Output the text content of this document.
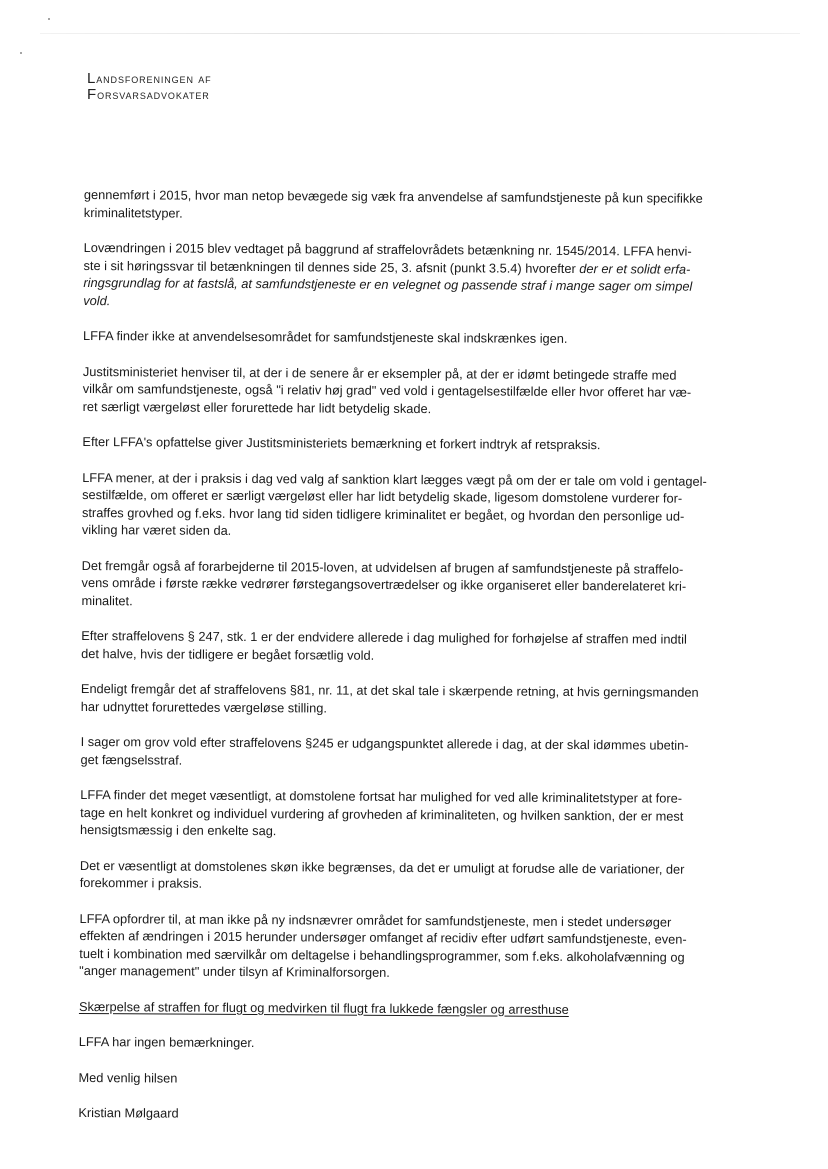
Landsforeningen af
Forsvarsadvokater

gennemført i 2015, hvor man netop bevægede sig væk fra anvendelse af samfundstjeneste på kun specifikke
kriminalitetstyper.

Lovændringen i 2015 blev vedtaget på baggrund af straffelovrådets betænkning nr. 1545/2014. LFFA henvi-
ste i sit høringssvar til betænkningen til dennes side 25, 3. afsnit (punkt 3.5.4) hvorefter der er et solidt erfa-
ringsgrundlag for at fastslå, at samfundstjeneste er en velegnet og passende straf i mange sager om simpel
vold.

LFFA finder ikke at anvendelsesområdet for samfundstjeneste skal indskrænkes igen.

Justitsministeriet henviser til, at der i de senere år er eksempler på, at der er idømt betingede straffe med
vilkår om samfundstjeneste, også "i relativ høj grad" ved vold i gentagelsestilfælde eller hvor offeret har væ-
ret særligt værgeløst eller forurettede har lidt betydelig skade.

Efter LFFA's opfattelse giver Justitsministeriets bemærkning et forkert indtryk af retspraksis.

LFFA mener, at der i praksis i dag ved valg af sanktion klart lægges vægt på om der er tale om vold i gentagel-
sestilfælde, om offeret er særligt værgeløst eller har lidt betydelig skade, ligesom domstolene vurderer for-
straffes grovhed og f.eks. hvor lang tid siden tidligere kriminalitet er begået, og hvordan den personlige ud-
vikling har været siden da.

Det fremgår også af forarbejderne til 2015-loven, at udvidelsen af brugen af samfundstjeneste på straffelo-
vens område i første række vedrører førstegangsovertrædelser og ikke organiseret eller banderelateret kri-
minalitet.

Efter straffelovens § 247, stk. 1 er der endvidere allerede i dag mulighed for forhøjelse af straffen med indtil
det halve, hvis der tidligere er begået forsætlig vold.

Endeligt fremgår det af straffelovens §81, nr. 11, at det skal tale i skærpende retning, at hvis gerningsmanden
har udnyttet forurettedes værgeløse stilling.

I sager om grov vold efter straffelovens §245 er udgangspunktet allerede i dag, at der skal idømmes ubetin-
get fængselsstraf.

LFFA finder det meget væsentligt, at domstolene fortsat har mulighed for ved alle kriminalitetstyper at fore-
tage en helt konkret og individuel vurdering af grovheden af kriminaliteten, og hvilken sanktion, der er mest
hensigtsmæssig i den enkelte sag.

Det er væsentligt at domstolenes skøn ikke begrænses, da det er umuligt at forudse alle de variationer, der
forekommer i praksis.

LFFA opfordrer til, at man ikke på ny indsnævrer området for samfundstjeneste, men i stedet undersøger
effekten af ændringen i 2015 herunder undersøger omfanget af recidiv efter udført samfundstjeneste, even-
tuelt i kombination med særvilkår om deltagelse i behandlingsprogrammer, som f.eks. alkoholafvænning og
"anger management" under tilsyn af Kriminalforsorgen.

Skærpelse af straffen for flugt og medvirken til flugt fra lukkede fængsler og arresthuse

LFFA har ingen bemærkninger.

Med venlig hilsen

Kristian Mølgaard
